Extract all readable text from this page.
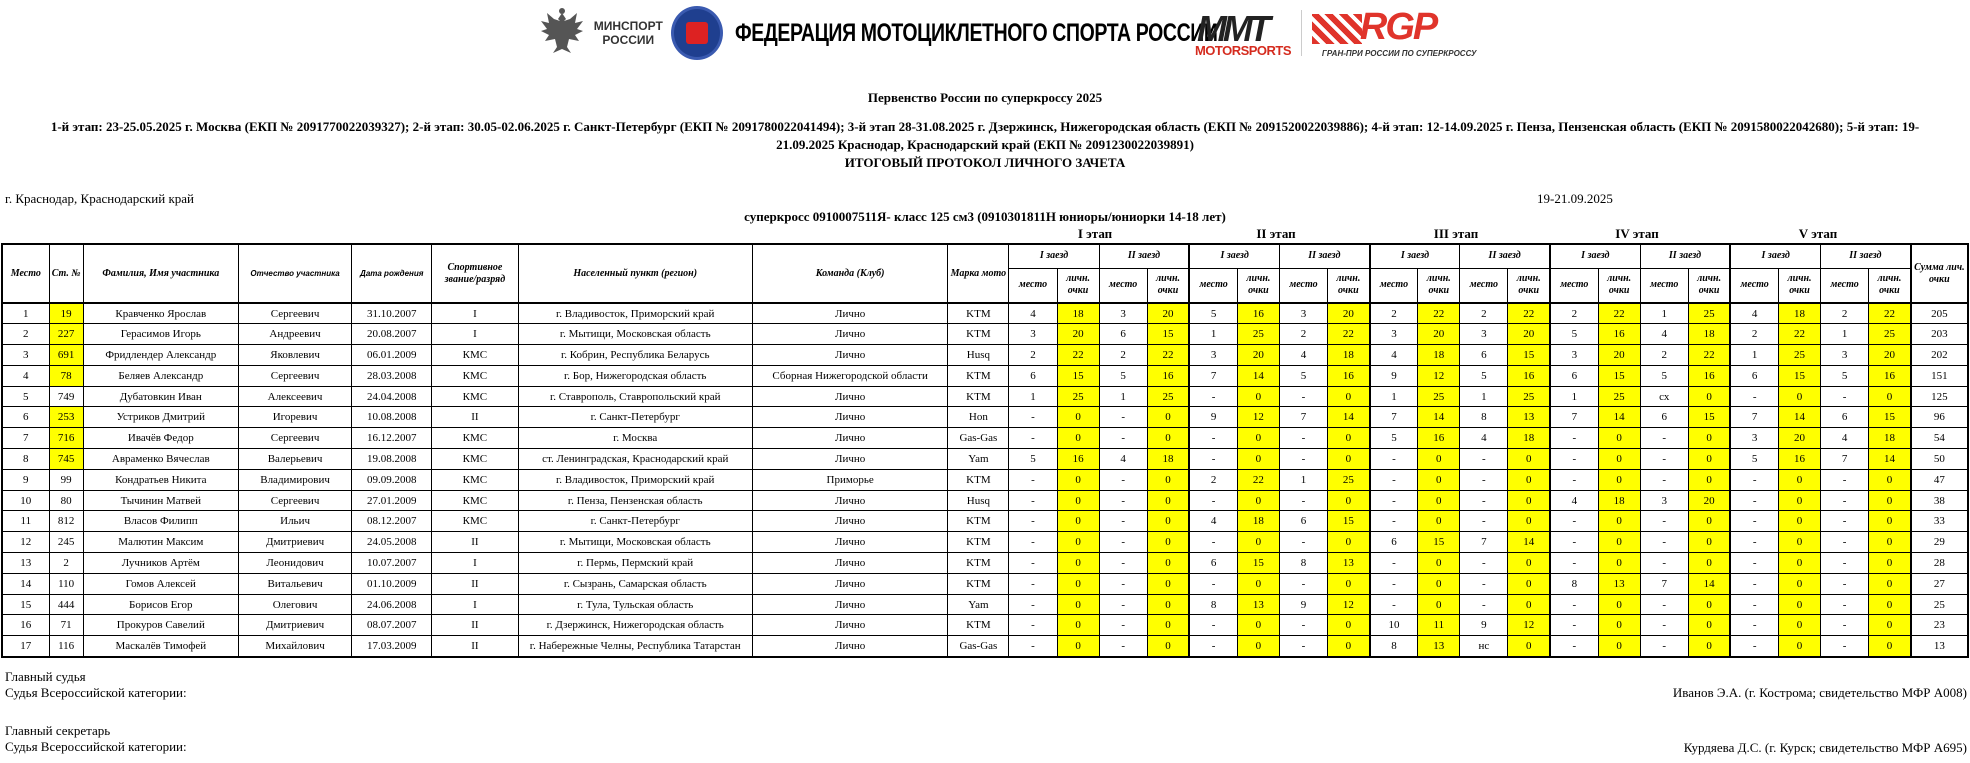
МИНСПОРТ
РОССИИ	ФЕДЕРАЦИЯ МОТОЦИКЛЕТНОГО СПОРТА РОССИИ
MMT
MOTORSPORTS
RGP
ГРАН-ПРИ РОССИИ ПО СУПЕРКРОССУ
Первенство России по суперкроссу 2025
1-й этап: 23-25.05.2025 г. Москва (ЕКП № 2091770022039327); 2-й этап: 30.05-02.06.2025 г. Санкт-Петербург (ЕКП № 2091780022041494); 3-й этап 28-31.08.2025 г. Дзержинск, Нижегородская область (ЕКП № 2091520022039886); 4-й этап: 12-14.09.2025 г. Пенза, Пензенская область (ЕКП № 2091580022042680); 5-й этап: 19-21.09.2025 Краснодар, Краснодарский край (ЕКП № 2091230022039891)
ИТОГОВЫЙ ПРОТОКОЛ ЛИЧНОГО ЗАЧЕТА
г. Краснодар, Краснодарский край	19-21.09.2025
суперкросс 0910007511Я- класс 125 см3 (0910301811Н юниоры/юниорки 14-18 лет)
I этап	II этап	III этап	IV этап	V этап
Место	Ст. №	Фамилия, Имя участника	Отчество участника	Дата рождения	Спортивное звание/разряд	Населенный пункт (регион)	Команда (Клуб)	Марка мото	I заезд		II заезд		I заезд		II заезд		I заезд		II заезд		I заезд		II заезд		I заезд		II заезд		Сумма лич. очки
									место	личн. очки	место	личн. очки	место	личн. очки	место	личн. очки	место	личн. очки	место	личн. очки	место	личн. очки	место	личн. очки	место	личн. очки	место	личн. очки	
1	19	Кравченко Ярослав	Сергеевич	31.10.2007	I	г. Владивосток, Приморский край	Лично	KTM	4	18	3	20	5	16	3	20	2	22	2	22	2	22	1	25	4	18	2	22	205
2	227	Герасимов Игорь	Андреевич	20.08.2007	I	г. Мытищи, Московская область	Лично	KTM	3	20	6	15	1	25	2	22	3	20	3	20	5	16	4	18	2	22	1	25	203
3	691	Фридлендер Александр	Яковлевич	06.01.2009	КМС	г. Кобрин, Республика Беларусь	Лично	Husq	2	22	2	22	3	20	4	18	4	18	6	15	3	20	2	22	1	25	3	20	202
4	78	Беляев Александр	Сергеевич	28.03.2008	КМС	г. Бор, Нижегородская область	Сборная Нижегородской области	KTM	6	15	5	16	7	14	5	16	9	12	5	16	6	15	5	16	6	15	5	16	151
5	749	Дубатовкин Иван	Алексеевич	24.04.2008	КМС	г. Ставрополь, Ставропольский край	Лично	KTM	1	25	1	25	-	0	-	0	1	25	1	25	1	25	сх	0	-	0	-	0	125
6	253	Устриков Дмитрий	Игоревич	10.08.2008	II	г. Санкт-Петербург	Лично	Hon	-	0	-	0	9	12	7	14	7	14	8	13	7	14	6	15	7	14	6	15	96
7	716	Ивачёв Федор	Сергеевич	16.12.2007	КМС	г. Москва	Лично	Gas-Gas	-	0	-	0	-	0	-	0	5	16	4	18	-	0	-	0	3	20	4	18	54
8	745	Авраменко Вячеслав	Валерьевич	19.08.2008	КМС	ст. Ленинградская, Краснодарский край	Лично	Yam	5	16	4	18	-	0	-	0	-	0	-	0	-	0	-	0	5	16	7	14	50
9	99	Кондратьев Никита	Владимирович	09.09.2008	КМС	г. Владивосток, Приморский край	Приморье	KTM	-	0	-	0	2	22	1	25	-	0	-	0	-	0	-	0	-	0	-	0	47
10	80	Тычинин Матвей	Сергеевич	27.01.2009	КМС	г. Пенза, Пензенская область	Лично	Husq	-	0	-	0	-	0	-	0	-	0	-	0	4	18	3	20	-	0	-	0	38
11	812	Власов Филипп	Ильич	08.12.2007	КМС	г. Санкт-Петербург	Лично	KTM	-	0	-	0	4	18	6	15	-	0	-	0	-	0	-	0	-	0	-	0	33
12	245	Малютин Максим	Дмитриевич	24.05.2008	II	г. Мытищи, Московская область	Лично	KTM	-	0	-	0	-	0	-	0	6	15	7	14	-	0	-	0	-	0	-	0	29
13	2	Лучников Артём	Леонидович	10.07.2007	I	г. Пермь, Пермский край	Лично	KTM	-	0	-	0	6	15	8	13	-	0	-	0	-	0	-	0	-	0	-	0	28
14	110	Гомов Алексей	Витальевич	01.10.2009	II	г. Сызрань, Самарская область	Лично	KTM	-	0	-	0	-	0	-	0	-	0	-	0	8	13	7	14	-	0	-	0	27
15	444	Борисов Егор	Олегович	24.06.2008	I	г. Тула, Тульская область	Лично	Yam	-	0	-	0	8	13	9	12	-	0	-	0	-	0	-	0	-	0	-	0	25
16	71	Прокуров Савелий	Дмитриевич	08.07.2007	II	г. Дзержинск, Нижегородская область	Лично	KTM	-	0	-	0	-	0	-	0	10	11	9	12	-	0	-	0	-	0	-	0	23
17	116	Маскалёв Тимофей	Михайлович	17.03.2009	II	г. Набережные Челны, Республика Татарстан	Лично	Gas-Gas	-	0	-	0	-	0	-	0	8	13	нс	0	-	0	-	0	-	0	-	0	13
Главный судья
Судья Всероссийской категории:	Иванов Э.А. (г. Кострома; свидетельство МФР А008)
Главный секретарь
Судья Всероссийской категории:	Курдяева Д.С. (г. Курск; свидетельство МФР А695)
